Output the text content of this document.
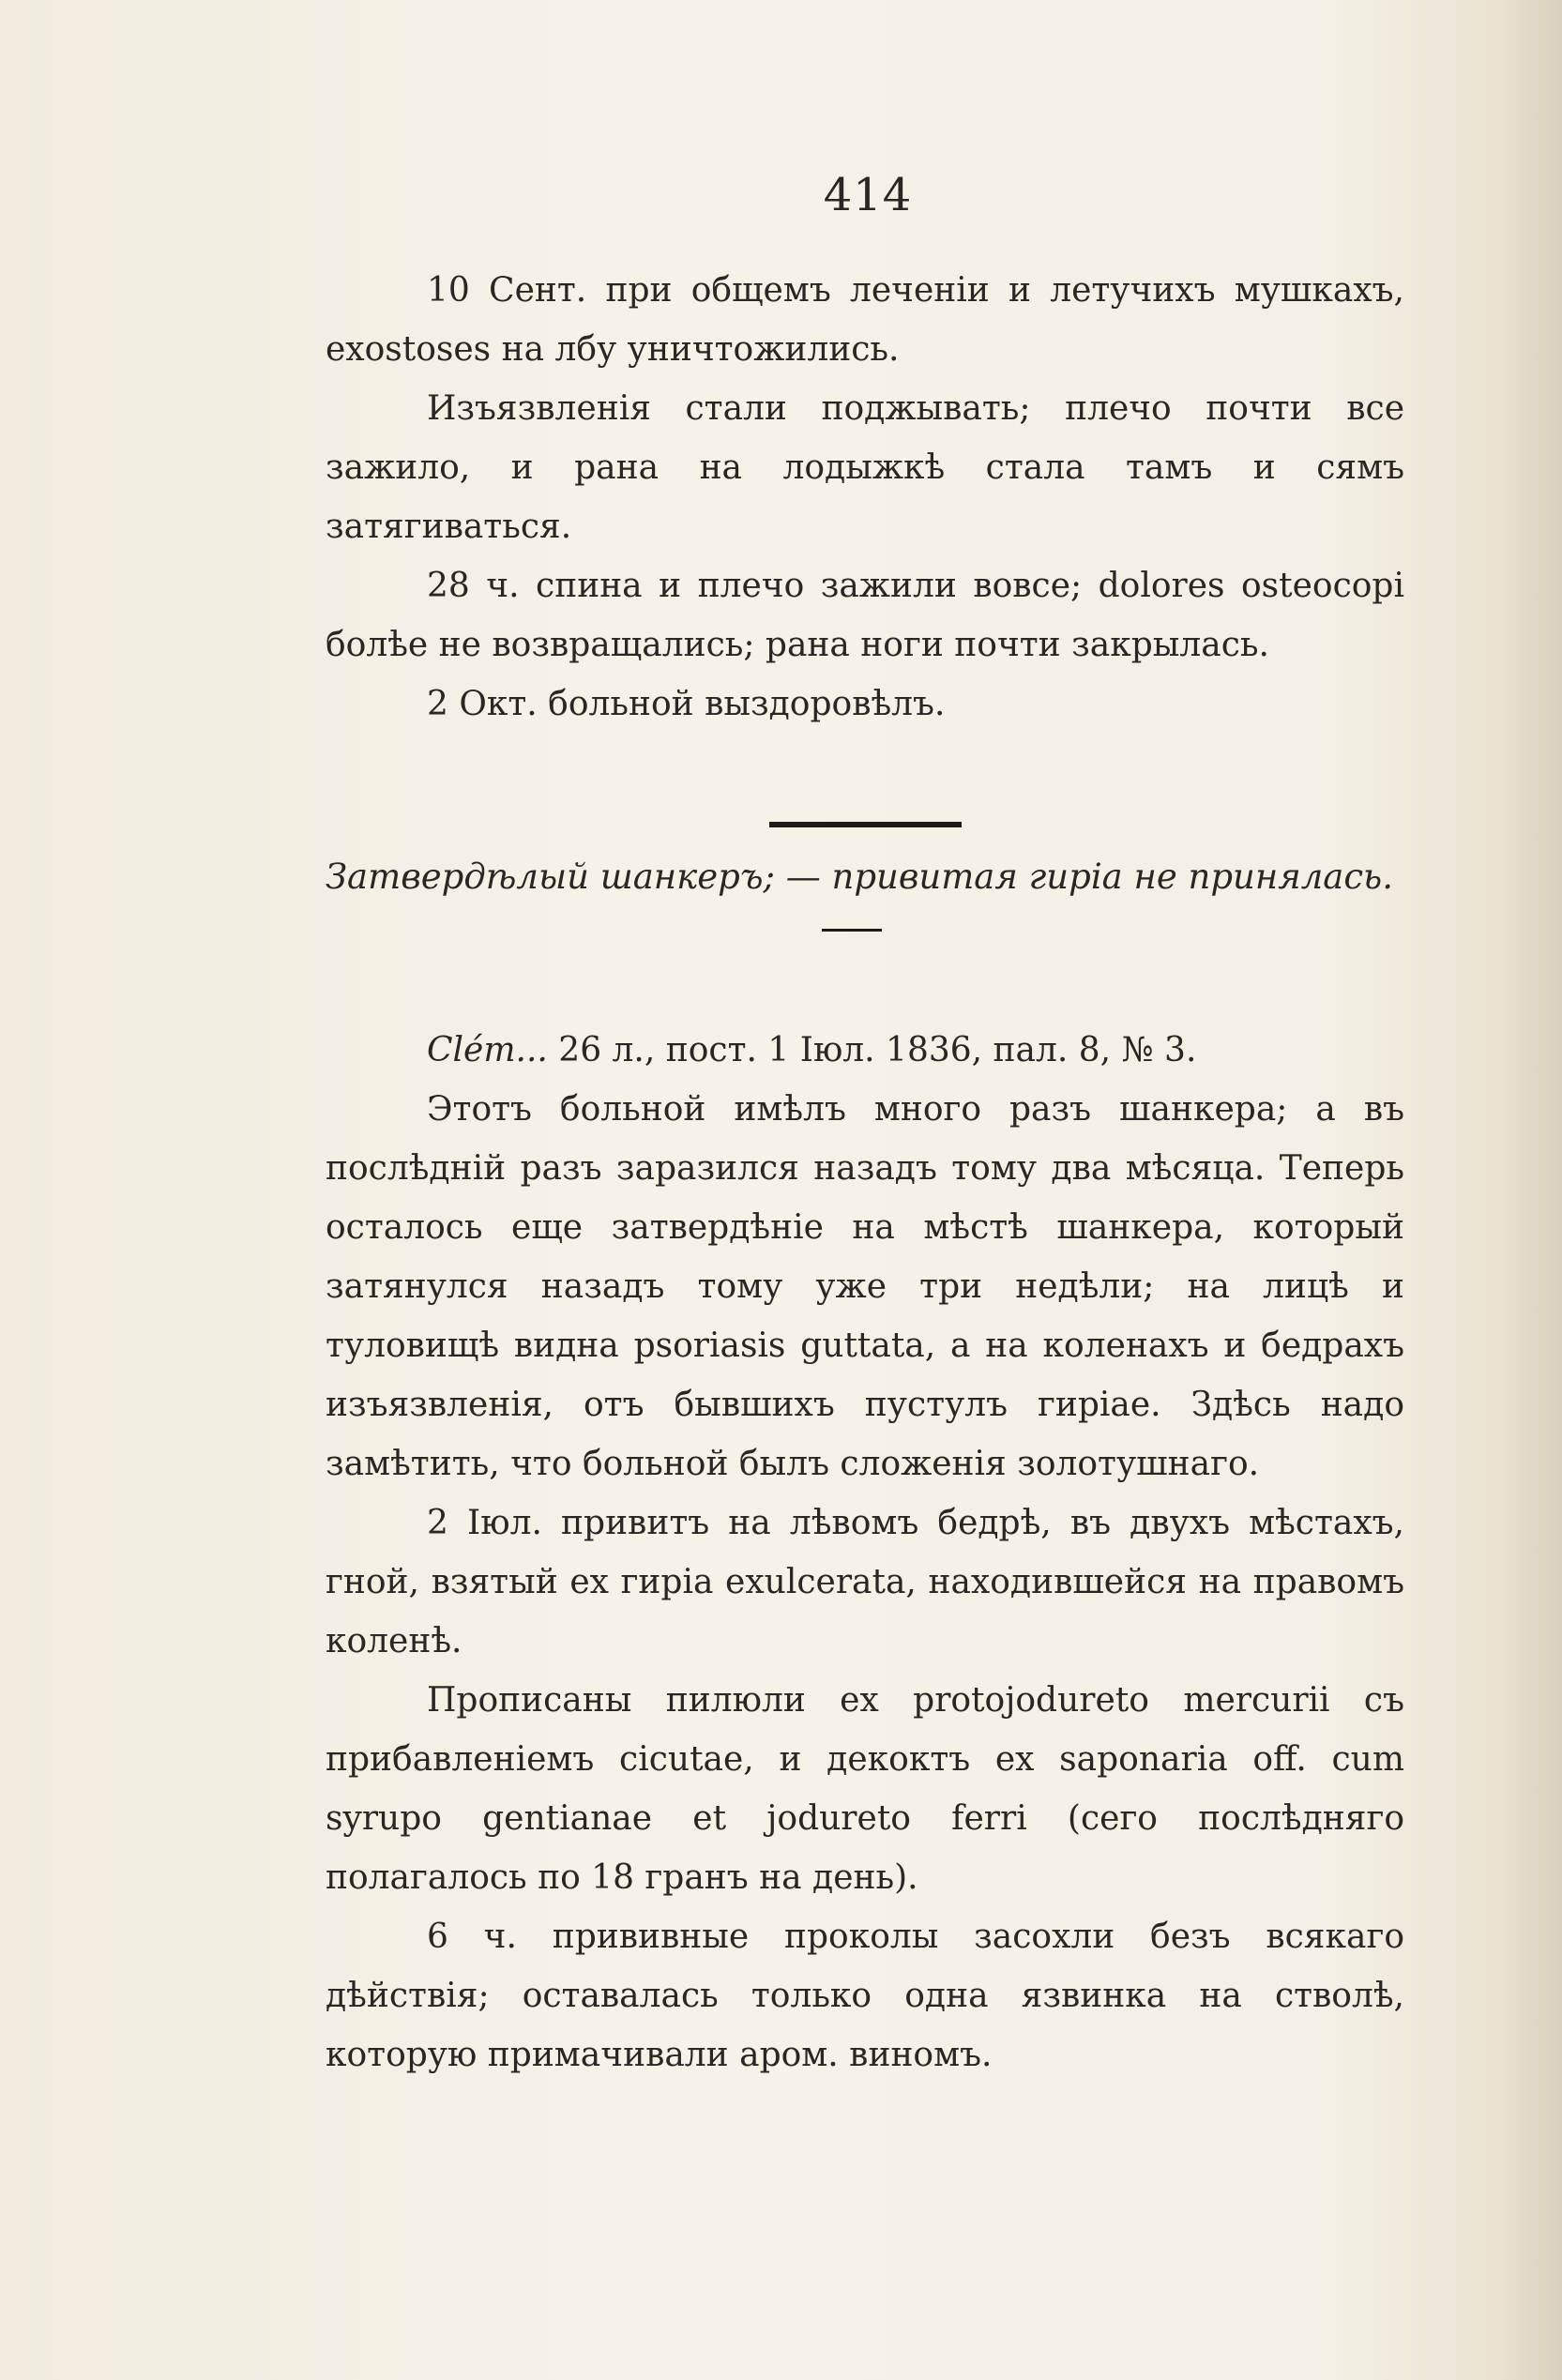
414

10 Сент. при общемъ леченіи и летучихъ мушкахъ, exostoses на лбу уничтожились.

Изъязвленія стали поджывать; плечо почти все зажило, и рана на лодыжкѣ стала тамъ и сямъ затягиваться.

28 ч. спина и плечо зажили вовсе; dolores osteocopi болѣе не возвращались; рана ноги почти закрылась.

2 Окт. больной выздоровѣлъ.

Затвердѣлый шанкеръ; — привитая гиріа не принялась.

Clém... 26 л., пост. 1 Іюл. 1836, пал. 8, № 3.

Этотъ больной имѣлъ много разъ шанкера; а въ послѣдній разъ заразился назадъ тому два мѣсяца. Теперь осталось еще затвердѣніе на мѣстѣ шанкера, который затянулся назадъ тому уже три недѣли; на лицѣ и туловищѣ видна psoriasis guttata, а на коленахъ и бедрахъ изъязвленія, отъ бывшихъ пустулъ гиріае. Здѣсь надо замѣтить, что больной былъ сложенія золотушнаго.

2 Іюл. привитъ на лѣвомъ бедрѣ, въ двухъ мѣстахъ, гной, взятый ex гиріа exulcerata, находившейся на правомъ коленѣ.

Прописаны пилюли ex protojodureto mercurii съ прибавленіемъ cicutae, и декоктъ ex saponaria off. cum syrupo gentianae et jodureto ferri (сего послѣдняго полагалось по 18 гранъ на день).

6 ч. прививные проколы засохли безъ всякаго дѣйствія; оставалась только одна язвинка на стволѣ, которую примачивали аром. виномъ.
